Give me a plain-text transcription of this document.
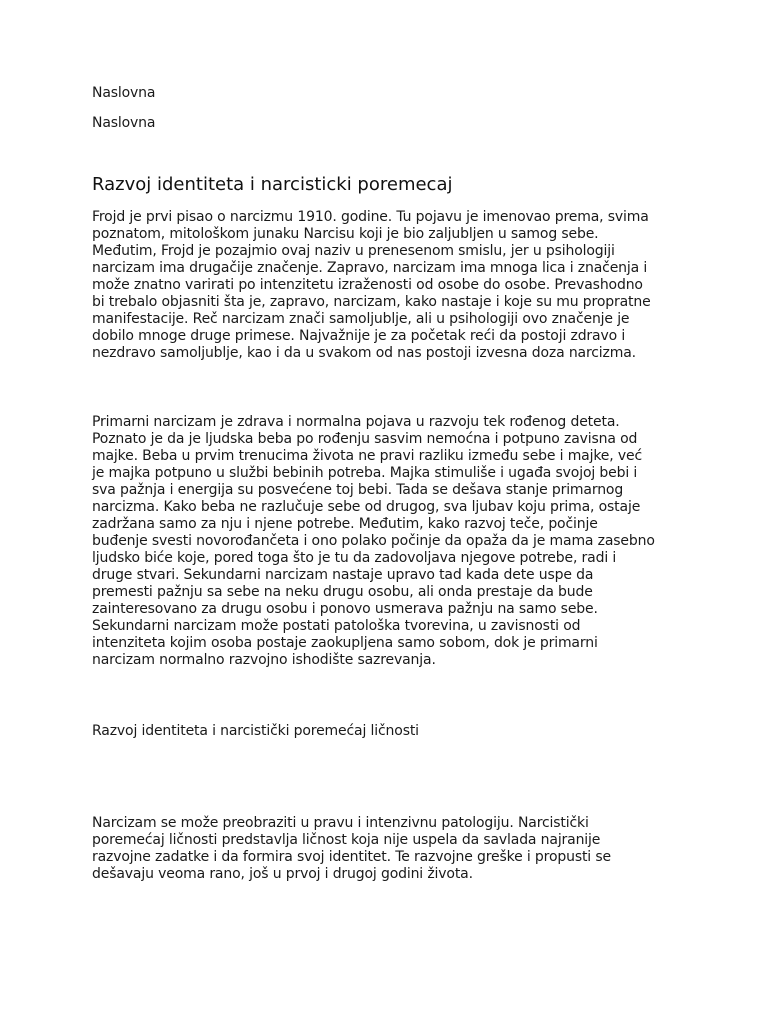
Naslovna
Naslovna
Razvoj identiteta i narcisticki poremecaj
Frojd je prvi pisao o narcizmu 1910. godine. Tu pojavu je imenovao prema, svima
poznatom, mitološkom junaku Narcisu koji je bio zaljubljen u samog sebe.
Međutim, Frojd je pozajmio ovaj naziv u prenesenom smislu, jer u psihologiji
narcizam ima drugačije značenje. Zapravo, narcizam ima mnoga lica i značenja i
može znatno varirati po intenzitetu izraženosti od osobe do osobe. Prevashodno
bi trebalo objasniti šta je, zapravo, narcizam, kako nastaje i koje su mu propratne
manifestacije. Reč narcizam znači samoljublje, ali u psihologiji ovo značenje je
dobilo mnoge druge primese. Najvažnije je za početak reći da postoji zdravo i
nezdravo samoljublje, kao i da u svakom od nas postoji izvesna doza narcizma.
Primarni narcizam je zdrava i normalna pojava u razvoju tek rođenog deteta.
Poznato je da je ljudska beba po rođenju sasvim nemoćna i potpuno zavisna od
majke. Beba u prvim trenucima života ne pravi razliku između sebe i majke, već
je majka potpuno u službi bebinih potreba. Majka stimuliše i ugađa svojoj bebi i
sva pažnja i energija su posvećene toj bebi. Tada se dešava stanje primarnog
narcizma. Kako beba ne razlučuje sebe od drugog, sva ljubav koju prima, ostaje
zadržana samo za nju i njene potrebe. Međutim, kako razvoj teče, počinje
buđenje svesti novorođančeta i ono polako počinje da opaža da je mama zasebno
ljudsko biće koje, pored toga što je tu da zadovoljava njegove potrebe, radi i
druge stvari. Sekundarni narcizam nastaje upravo tad kada dete uspe da
premesti pažnju sa sebe na neku drugu osobu, ali onda prestaje da bude
zainteresovano za drugu osobu i ponovo usmerava pažnju na samo sebe.
Sekundarni narcizam može postati patološka tvorevina, u zavisnosti od
intenziteta kojim osoba postaje zaokupljena samo sobom, dok je primarni
narcizam normalno razvojno ishodište sazrevanja.
Razvoj identiteta i narcistički poremećaj ličnosti
Narcizam se može preobraziti u pravu i intenzivnu patologiju. Narcistički
poremećaj ličnosti predstavlja ličnost koja nije uspela da savlada najranije
razvojne zadatke i da formira svoj identitet. Te razvojne greške i propusti se
dešavaju veoma rano, još u prvoj i drugoj godini života.
